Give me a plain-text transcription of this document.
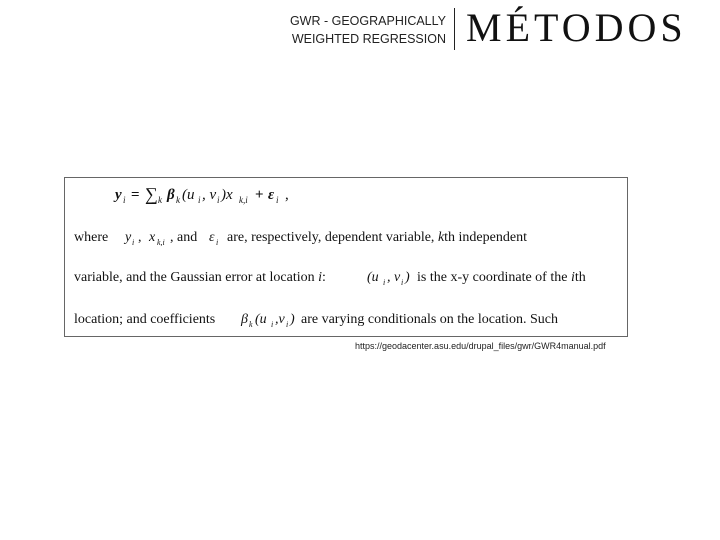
GWR - GEOGRAPHICALLY
WEIGHTED REGRESSION MÉTODOS
y i = ∑ k β k (u i , v i )x k,i + ε i ,
where y i , x k,i , and ε i are, respectively, dependent variable, kth independent
variable, and the Gaussian error at location i:	(u i , v i ) is the x-y coordinate of the ith
location; and coefficients β k (u i ,v i ) are varying conditionals on the location. Such
https://geodacenter.asu.edu/drupal_files/gwr/GWR4manual.pdf
